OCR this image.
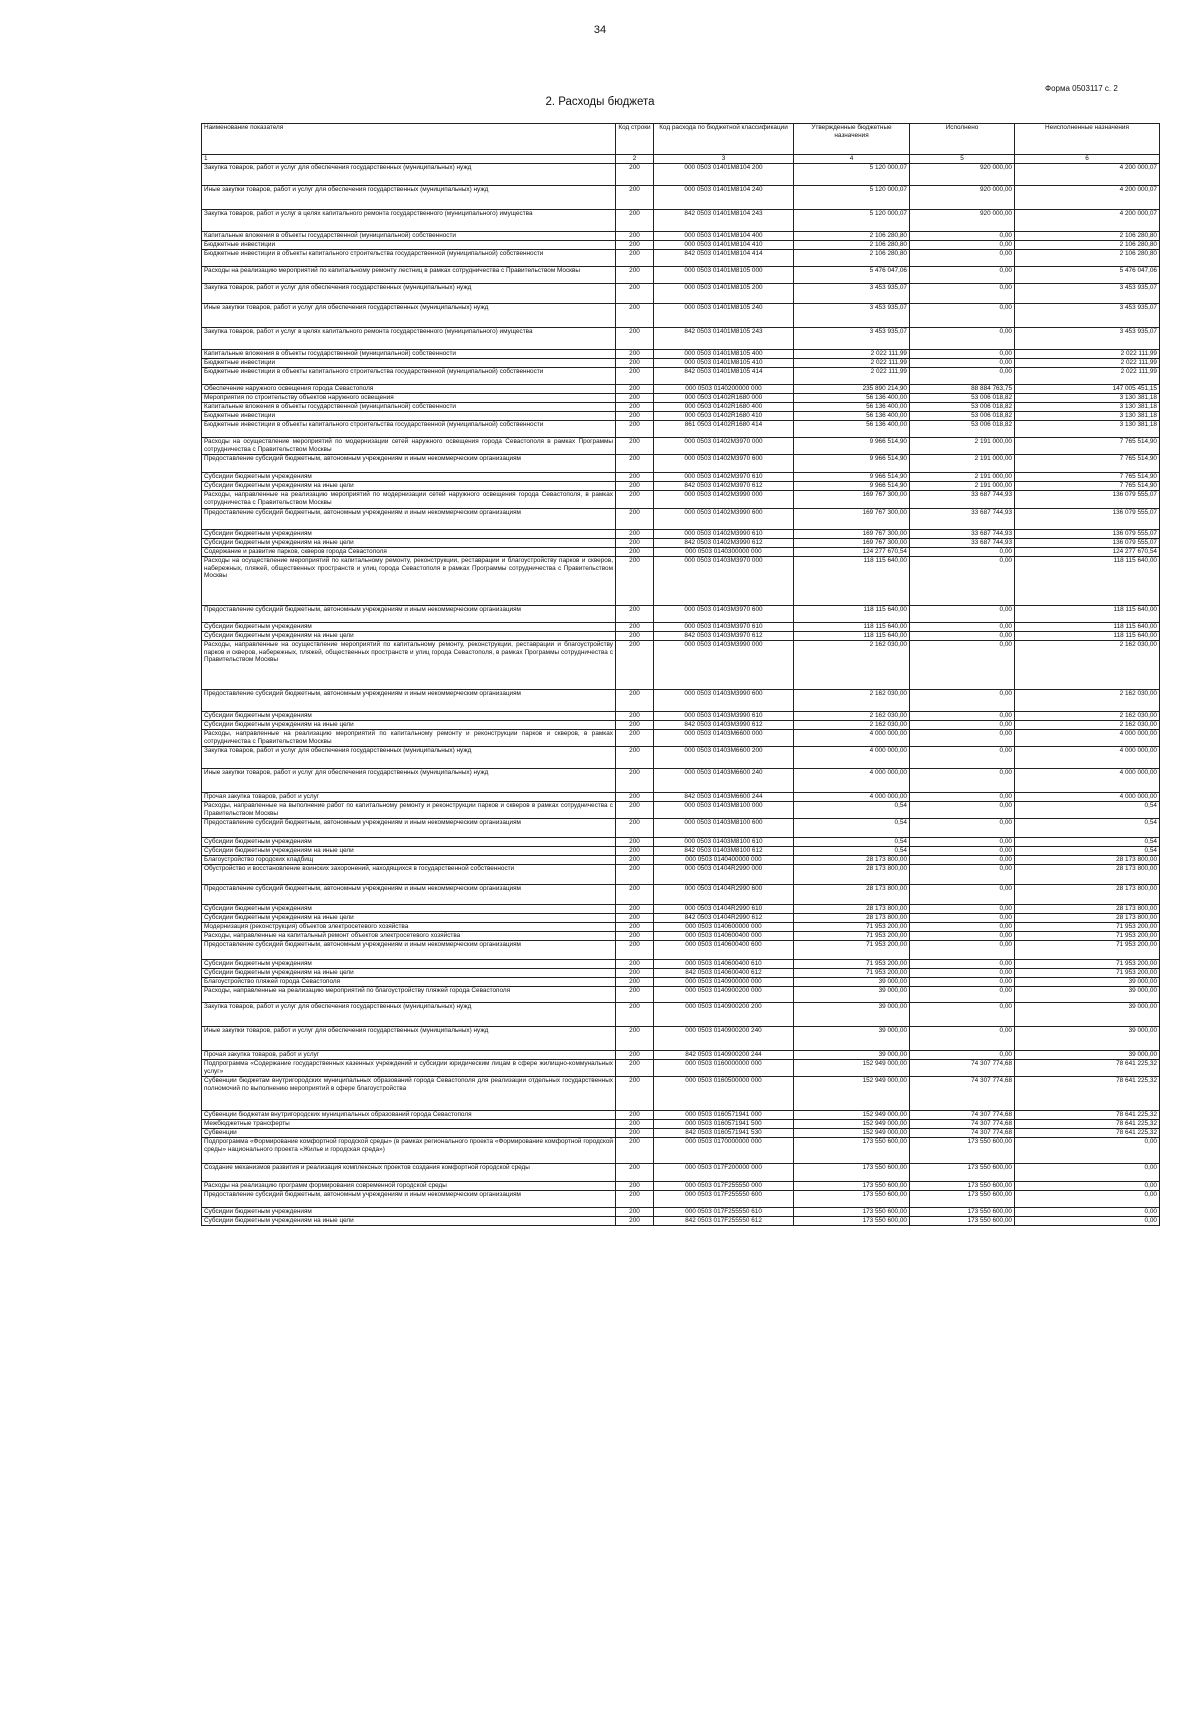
34
Форма 0503117 с. 2
2. Расходы бюджета
Наименование показателя	Код строки	Код расхода по бюджетной классификации	Утвержденные бюджетные назначения	Исполнено	Неисполненные назначения
1	2	3	4	5	6
Закупка товаров, работ и услуг для обеспечения государственных (муниципальных) нужд	200	000 0503 01401М8104 200	5 120 000,07	920 000,00	4 200 000,07
Иные закупки товаров, работ и услуг для обеспечения государственных (муниципальных) нужд	200	000 0503 01401М8104 240	5 120 000,07	920 000,00	4 200 000,07
Закупка товаров, работ и услуг в целях капитального ремонта государственного (муниципального) имущества	200	842 0503 01401М8104 243	5 120 000,07	920 000,00	4 200 000,07
Капитальные вложения в объекты государственной (муниципальной) собственности	200	000 0503 01401М8104 400	2 106 280,80	0,00	2 106 280,80
Бюджетные инвестиции	200	000 0503 01401М8104 410	2 106 280,80	0,00	2 106 280,80
Бюджетные инвестиции в объекты капитального строительства государственной (муниципальной) собственности	200	842 0503 01401М8104 414	2 106 280,80	0,00	2 106 280,80
Расходы на реализацию мероприятий по капитальному ремонту лестниц в рамках сотрудничества с Правительством Москвы	200	000 0503 01401М8105 000	5 476 047,06	0,00	5 476 047,06
Закупка товаров, работ и услуг для обеспечения государственных (муниципальных) нужд	200	000 0503 01401М8105 200	3 453 935,07	0,00	3 453 935,07
Иные закупки товаров, работ и услуг для обеспечения государственных (муниципальных) нужд	200	000 0503 01401М8105 240	3 453 935,07	0,00	3 453 935,07
Закупка товаров, работ и услуг в целях капитального ремонта государственного (муниципального) имущества	200	842 0503 01401М8105 243	3 453 935,07	0,00	3 453 935,07
Капитальные вложения в объекты государственной (муниципальной) собственности	200	000 0503 01401М8105 400	2 022 111,99	0,00	2 022 111,99
Бюджетные инвестиции	200	000 0503 01401М8105 410	2 022 111,99	0,00	2 022 111,99
Бюджетные инвестиции в объекты капитального строительства государственной (муниципальной) собственности	200	842 0503 01401М8105 414	2 022 111,99	0,00	2 022 111,99
Обеспечение наружного освещения города Севастополя	200	000 0503 0140200000 000	235 890 214,90	88 884 763,75	147 005 451,15
Мероприятия по строительству объектов наружного освещения	200	000 0503 01402R1680 000	56 136 400,00	53 006 018,82	3 130 381,18
Капитальные вложения в объекты государственной (муниципальной) собственности	200	000 0503 01402R1680 400	56 136 400,00	53 006 018,82	3 130 381,18
Бюджетные инвестиции	200	000 0503 01402R1680 410	56 136 400,00	53 006 018,82	3 130 381,18
Бюджетные инвестиции в объекты капитального строительства государственной (муниципальной) собственности	200	861 0503 01402R1680 414	56 136 400,00	53 006 018,82	3 130 381,18
Расходы на осуществление мероприятий по модернизации сетей наружного освещения города Севастополя в рамках Программы сотрудничества с Правительством Москвы	200	000 0503 01402М3970 000	9 966 514,90	2 191 000,00	7 765 514,90
Предоставление субсидий бюджетным, автономным учреждениям и иным некоммерческим организациям	200	000 0503 01402М3970 600	9 966 514,90	2 191 000,00	7 765 514,90
Субсидии бюджетным учреждениям	200	000 0503 01402М3970 610	9 966 514,90	2 191 000,00	7 765 514,90
Субсидии бюджетным учреждениям на иные цели	200	842 0503 01402М3970 612	9 966 514,90	2 191 000,00	7 765 514,90
Расходы, направленные на реализацию мероприятий по модернизации сетей наружного освещения города Севастополя, в рамках сотрудничества с Правительством Москвы	200	000 0503 01402М3990 000	169 767 300,00	33 687 744,93	136 079 555,07
Предоставление субсидий бюджетным, автономным учреждениям и иным некоммерческим организациям	200	000 0503 01402М3990 600	169 767 300,00	33 687 744,93	136 079 555,07
Субсидии бюджетным учреждениям	200	000 0503 01402М3990 610	169 767 300,00	33 687 744,93	136 079 555,07
Субсидии бюджетным учреждениям на иные цели	200	842 0503 01402М3990 612	169 767 300,00	33 687 744,93	136 079 555,07
Содержание и развитие парков, скверов города Севастополя	200	000 0503 0140300000 000	124 277 670,54	0,00	124 277 670,54
Расходы на осуществление мероприятий по капитальному ремонту, реконструкции, реставрации и благоустройству парков и скверов, набережных, пляжей, общественных пространств и улиц города Севастополя в рамках Программы сотрудничества с Правительством Москвы	200	000 0503 01403М3970 000	118 115 640,00	0,00	118 115 640,00
Предоставление субсидий бюджетным, автономным учреждениям и иным некоммерческим организациям	200	000 0503 01403М3970 600	118 115 640,00	0,00	118 115 640,00
Субсидии бюджетным учреждениям	200	000 0503 01403М3970 610	118 115 640,00	0,00	118 115 640,00
Субсидии бюджетным учреждениям на иные цели	200	842 0503 01403М3970 612	118 115 640,00	0,00	118 115 640,00
Расходы, направленные на осуществление мероприятий по капитальному ремонту, реконструкции, реставрации и благоустройству парков и скверов, набережных, пляжей, общественных пространств и улиц города Севастополя, в рамках Программы сотрудничества с Правительством Москвы	200	000 0503 01403М3990 000	2 162 030,00	0,00	2 162 030,00
Предоставление субсидий бюджетным, автономным учреждениям и иным некоммерческим организациям	200	000 0503 01403М3990 600	2 162 030,00	0,00	2 162 030,00
Субсидии бюджетным учреждениям	200	000 0503 01403М3990 610	2 162 030,00	0,00	2 162 030,00
Субсидии бюджетным учреждениям на иные цели	200	842 0503 01403М3990 612	2 162 030,00	0,00	2 162 030,00
Расходы, направленные на реализацию мероприятий по капитальному ремонту и реконструкции парков и скверов, в рамках сотрудничества с Правительством Москвы	200	000 0503 01403М6600 000	4 000 000,00	0,00	4 000 000,00
Закупка товаров, работ и услуг для обеспечения государственных (муниципальных) нужд	200	000 0503 01403М6600 200	4 000 000,00	0,00	4 000 000,00
Иные закупки товаров, работ и услуг для обеспечения государственных (муниципальных) нужд	200	000 0503 01403М6600 240	4 000 000,00	0,00	4 000 000,00
Прочая закупка товаров, работ и услуг	200	842 0503 01403М6600 244	4 000 000,00	0,00	4 000 000,00
Расходы, направленные на выполнение работ по капитальному ремонту и реконструкции парков и скверов в рамках сотрудничества с Правительством Москвы	200	000 0503 01403М8100 000	0,54	0,00	0,54
Предоставление субсидий бюджетным, автономным учреждениям и иным некоммерческим организациям	200	000 0503 01403М8100 600	0,54	0,00	0,54
Субсидии бюджетным учреждениям	200	000 0503 01403М8100 610	0,54	0,00	0,54
Субсидии бюджетным учреждениям на иные цели	200	842 0503 01403М8100 612	0,54	0,00	0,54
Благоустройство городских кладбищ	200	000 0503 0140400000 000	28 173 800,00	0,00	28 173 800,00
Обустройство и восстановление воинских захоронений, находящихся в государственной собственности	200	000 0503 01404R2990 000	28 173 800,00	0,00	28 173 800,00
Предоставление субсидий бюджетным, автономным учреждениям и иным некоммерческим организациям	200	000 0503 01404R2990 600	28 173 800,00	0,00	28 173 800,00
Субсидии бюджетным учреждениям	200	000 0503 01404R2990 610	28 173 800,00	0,00	28 173 800,00
Субсидии бюджетным учреждениям на иные цели	200	842 0503 01404R2990 612	28 173 800,00	0,00	28 173 800,00
Модернизация (реконструкция) объектов электросетевого хозяйства	200	000 0503 0140600000 000	71 953 200,00	0,00	71 953 200,00
Расходы, направленные на капитальный ремонт объектов электросетевого хозяйства	200	000 0503 0140600400 000	71 953 200,00	0,00	71 953 200,00
Предоставление субсидий бюджетным, автономным учреждениям и иным некоммерческим организациям	200	000 0503 0140600400 600	71 953 200,00	0,00	71 953 200,00
Субсидии бюджетным учреждениям	200	000 0503 0140600400 610	71 953 200,00	0,00	71 953 200,00
Субсидии бюджетным учреждениям на иные цели	200	842 0503 0140600400 612	71 953 200,00	0,00	71 953 200,00
Благоустройство пляжей города Севастополя	200	000 0503 0140900000 000	39 000,00	0,00	39 000,00
Расходы, направленные на реализацию мероприятий по благоустройству пляжей города Севастополя	200	000 0503 0140900200 000	39 000,00	0,00	39 000,00
Закупка товаров, работ и услуг для обеспечения государственных (муниципальных) нужд	200	000 0503 0140900200 200	39 000,00	0,00	39 000,00
Иные закупки товаров, работ и услуг для обеспечения государственных (муниципальных) нужд	200	000 0503 0140900200 240	39 000,00	0,00	39 000,00
Прочая закупка товаров, работ и услуг	200	842 0503 0140900200 244	39 000,00	0,00	39 000,00
Подпрограмма «Содержание государственных казенных учреждений и субсидии юридическим лицам в сфере жилищно-коммунальных услуг»	200	000 0503 0160000000 000	152 949 000,00	74 307 774,68	78 641 225,32
Субвенции бюджетам внутригородских муниципальных образований города Севастополя для реализации отдельных государственных полномочий по выполнению мероприятий в сфере благоустройства	200	000 0503 0160500000 000	152 949 000,00	74 307 774,68	78 641 225,32
Субвенции бюджетам внутригородских муниципальных образований города Севастополя	200	000 0503 0160571941 000	152 949 000,00	74 307 774,68	78 641 225,32
Межбюджетные трансферты	200	000 0503 0160571941 500	152 949 000,00	74 307 774,68	78 641 225,32
Субвенции	200	842 0503 0160571941 530	152 949 000,00	74 307 774,68	78 641 225,32
Подпрограмма «Формирование комфортной городской среды» (в рамках регионального проекта «Формирование комфортной городской среды» национального проекта «Жилье и городская среда»)	200	000 0503 0170000000 000	173 550 600,00	173 550 600,00	0,00
Создание механизмов развития и реализация комплексных проектов создания комфортной городской среды	200	000 0503 017F200000 000	173 550 600,00	173 550 600,00	0,00
Расходы на реализацию программ формирования современной городской среды	200	000 0503 017F255550 000	173 550 600,00	173 550 600,00	0,00
Предоставление субсидий бюджетным, автономным учреждениям и иным некоммерческим организациям	200	000 0503 017F255550 600	173 550 600,00	173 550 600,00	0,00
Субсидии бюджетным учреждениям	200	000 0503 017F255550 610	173 550 600,00	173 550 600,00	0,00
Субсидии бюджетным учреждениям на иные цели	200	842 0503 017F255550 612	173 550 600,00	173 550 600,00	0,00
